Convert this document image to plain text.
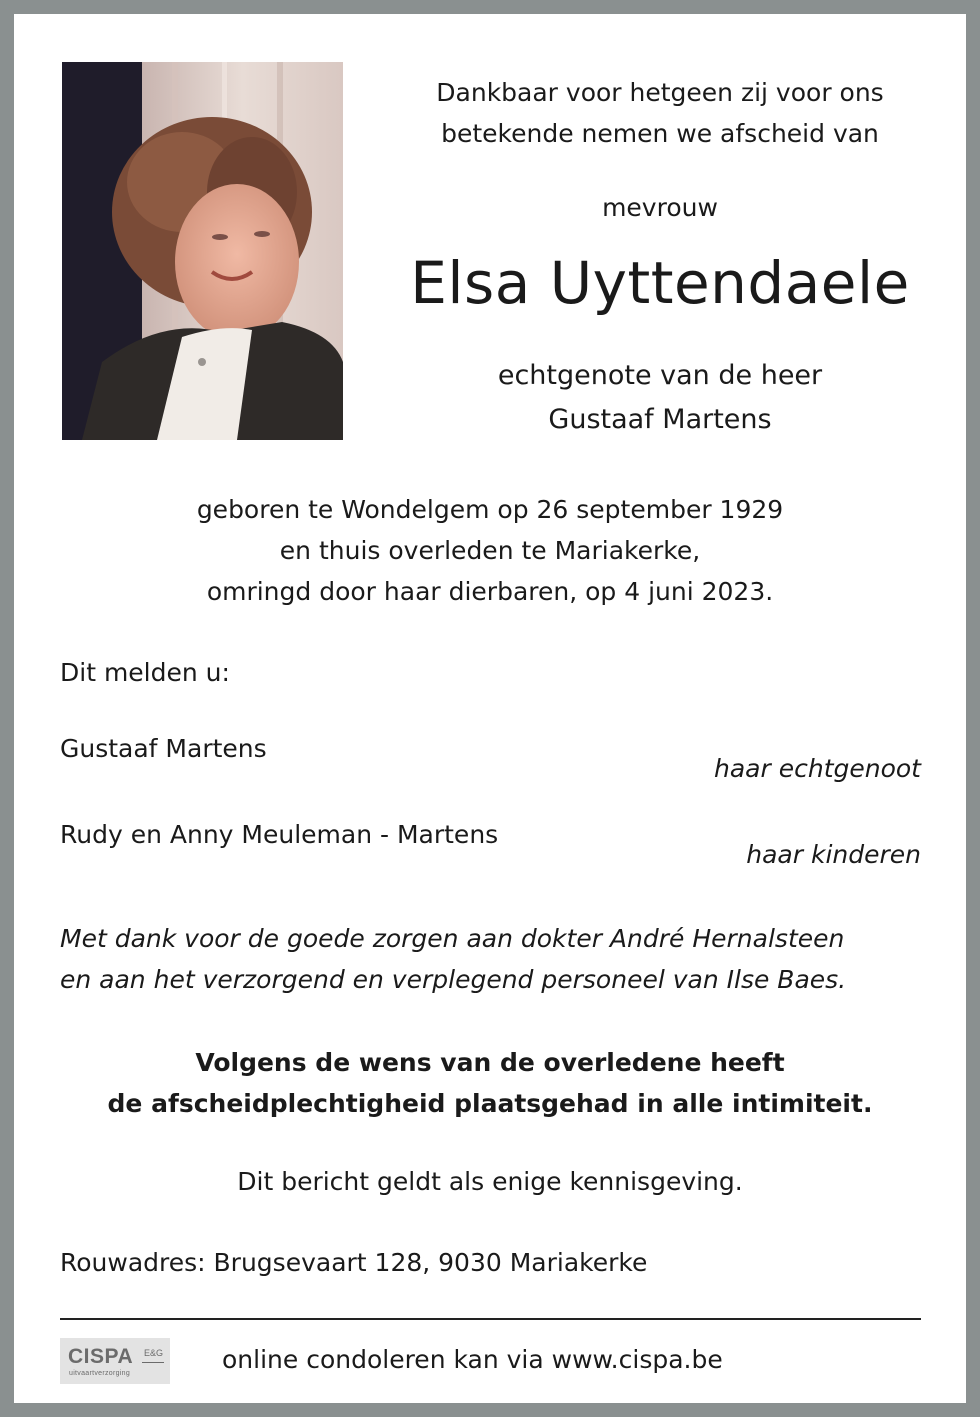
Dankbaar voor hetgeen zij voor ons
betekende nemen we afscheid van
mevrouw
Elsa Uyttendaele
echtgenote van de heer
Gustaaf Martens
geboren te Wondelgem op 26 september 1929
en thuis overleden te Mariakerke,
omringd door haar dierbaren, op 4 juni 2023.
Dit melden u:
Gustaaf Martens
haar echtgenoot
Rudy en Anny Meuleman - Martens
haar kinderen
Met dank voor de goede zorgen aan dokter André Hernalsteen
en aan het verzorgend en verplegend personeel van Ilse Baes.
Volgens de wens van de overledene heeft
de afscheidplechtigheid plaatsgehad in alle intimiteit.
Dit bericht geldt als enige kennisgeving.
Rouwadres: Brugsevaart 128, 9030 Mariakerke
CISPA E&G
uitvaartverzorging	online condoleren kan via www.cispa.be
